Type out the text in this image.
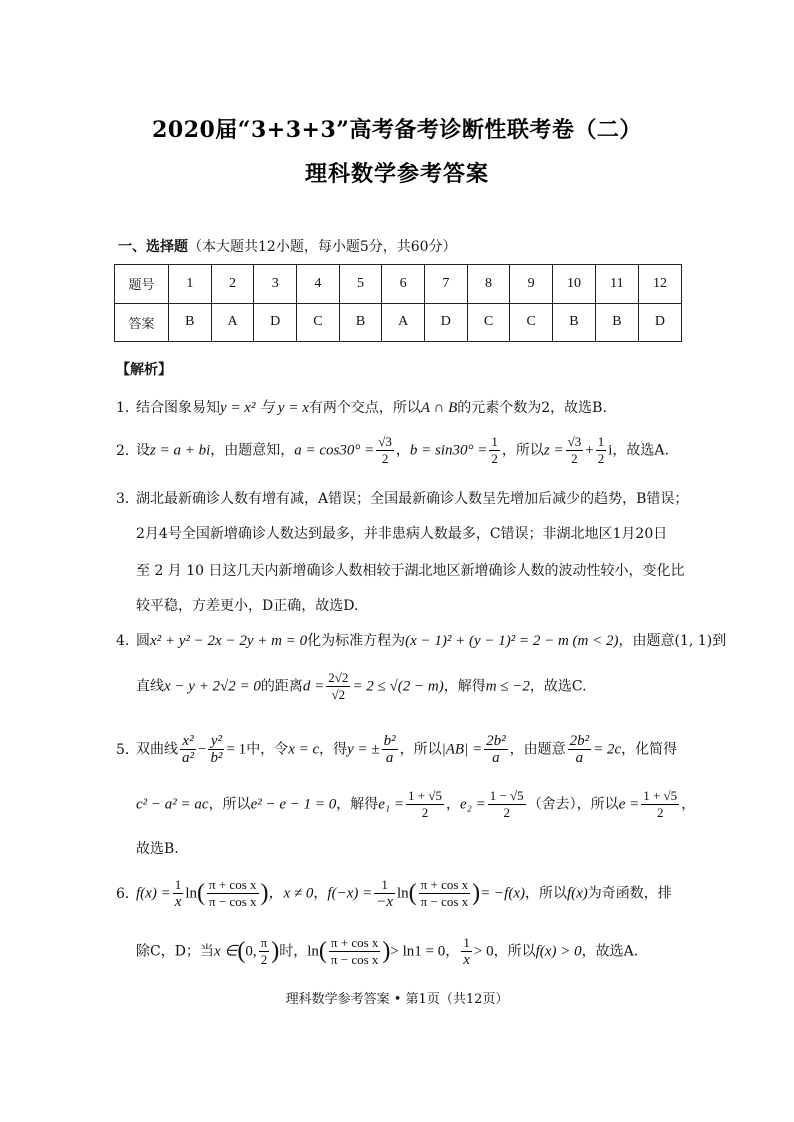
2020届“3+3+3”高考备考诊断性联考卷（二）
理科数学参考答案
一、选择题（本大题共12小题，每小题5分，共60分）
题号	1	2	3	4	5	6	7	8	9	10	11	12
答案	B	A	D	C	B	A	D	C	C	B	B	D
【解析】
1．结合图象易知y = x² 与 y = x有两个交点，所以A ∩ B的元素个数为2，故选B.
2．设z = a + bi，由题意知，$a = \cos 30^\circ = \frac{√3}{2}$ ，$b = \sin 30^\circ = \frac{1}{2}$ ，所以$z = \frac{√3}{2} + \frac{1}{2}$ i，故选A.
3．湖北最新确诊人数有增有减，A错误；全国最新确诊人数呈先增加后减少的趋势，B错误；
2月4号全国新增确诊人数达到最多，并非患病人数最多，C错误；非湖北地区1月20日
至 2 月 10 日这几天内新增确诊人数相较于湖北地区新增确诊人数的波动性较小，变化比
较平稳，方差更小，D正确，故选D.
4．圆x² + y² − 2x − 2y + m = 0化为标准方程为(x − 1)² + (y − 1)² = 2 − m (m < 2)，由题意(1, 1)到
直线x − y + 2√2 = 0的距离$d = \frac{2√2}{√2} = 2 \le √(2 - m)$，解得m ≤ −2，故选C.
5．双曲线 $\frac{\text{x²}}{\text{a²}} - \frac{\text{y²}}{\text{b²}} = 1$中，令x = c，得y = ± $\frac{\text{b²}}{a}$ ，所以$|AB| = \frac{\text{2b²}}{a}$ ，由题意 $\frac{\text{2b²}}{a} = 2c$，化简得
c² − a² = ac，所以e² − e − 1 = 0，解得$e_1 = \frac{1 + √5}{2}$ ，$e_2 = \frac{1 - √5}{2}$ （舍去），所以$e = \frac{1 + √5}{2}$ ，
故选B.
6．$f(x) = \frac{1}{x} \ln( \frac{\text{π + cos x}}{\text{π − cos x}}$ )，x ≠ 0，$f(-x) = \frac{1}{-x} \ln( \frac{\text{π + cos x}}{\text{π − cos x}}$ )= −f(x)，所以f(x)为奇函数，排
除C，D；当x ∈(0, $\frac{\pi}{2}$ )时，$\ln( \frac{\text{π + cos x}}{\text{π − cos x}}$ )> ln1 = 0， $\frac{1}{x} > 0$，所以f(x) > 0，故选A.
理科数学参考答案 • 第1页（共12页）
